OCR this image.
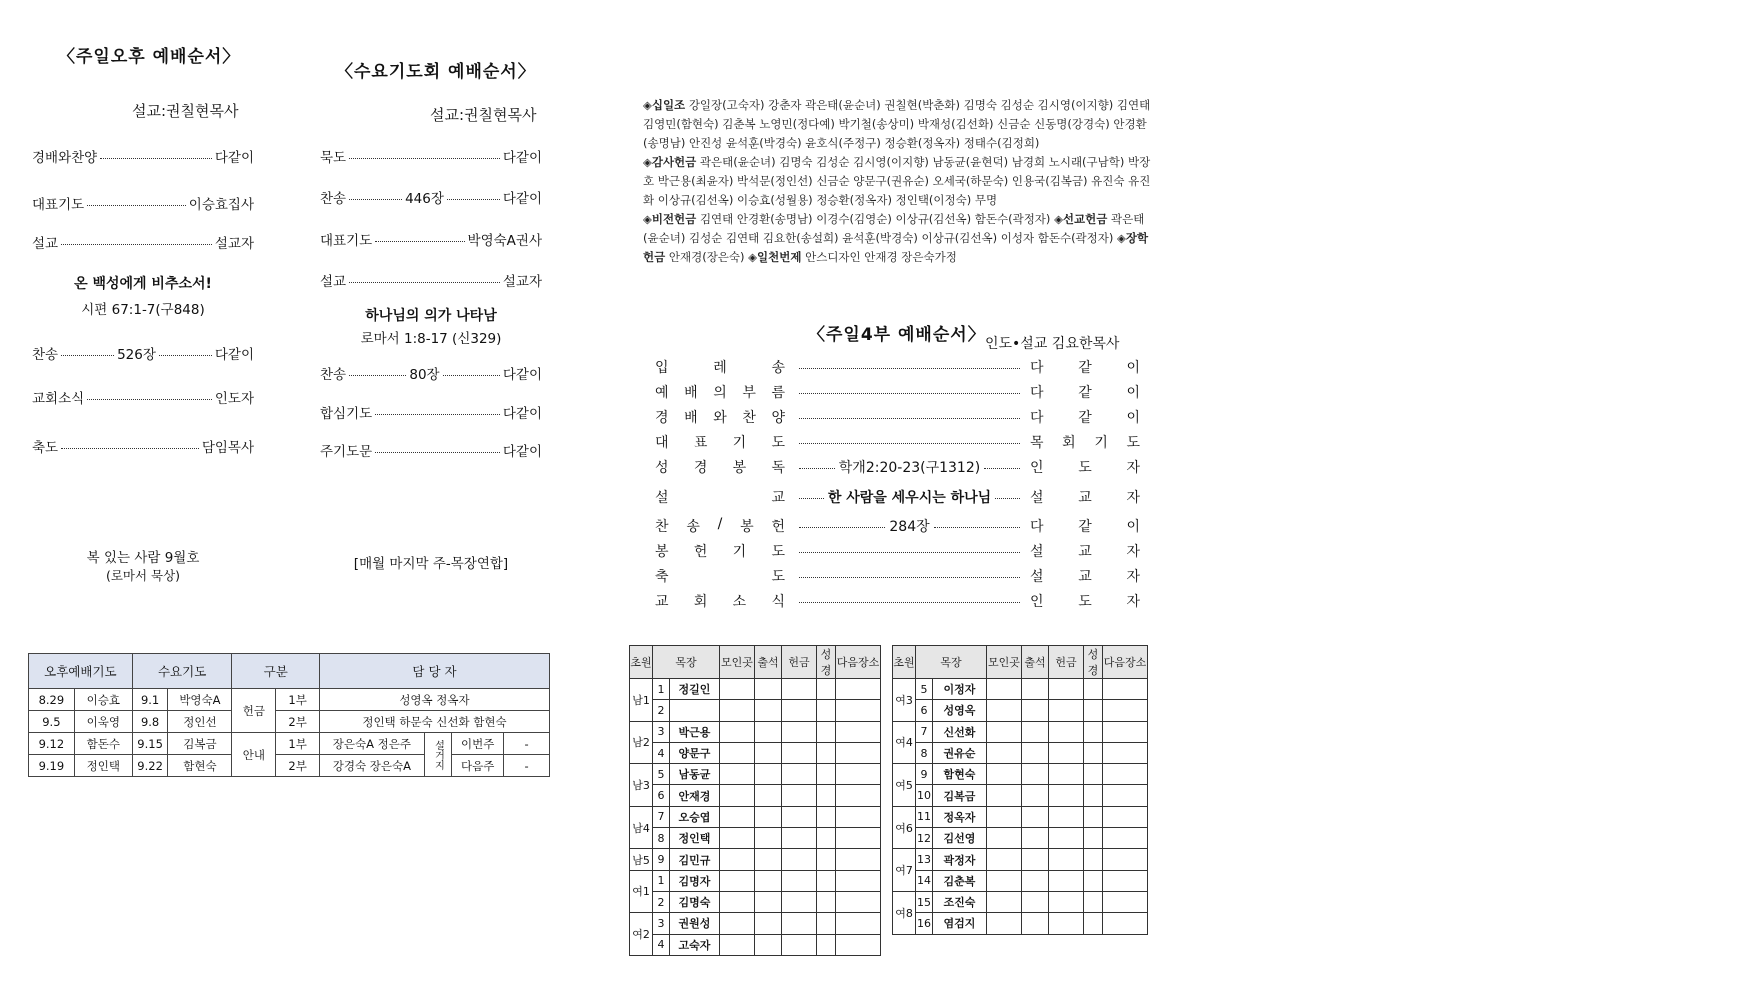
〈주일오후 예배순서〉
설교:권칠현목사
경배와찬양	다같이
대표기도	이승효집사
설교	설교자
온 백성에게 비추소서!
시편 67:1-7(구848)
찬송	526장	다같이
교회소식	인도자
축도	담임목사
복 있는 사람 9월호
(로마서 묵상)
〈수요기도회 예배순서〉
설교:권칠현목사
묵도	다같이
찬송	446장	다같이
대표기도	박영숙A권사
설교	설교자
하나님의 의가 나타남
로마서 1:8-17 (신329)
찬송	80장	다같이
합심기도	다같이
주기도문	다같이
[매월 마지막 주-목장연합]
◈십일조 강일장(고숙자) 강춘자 곽은태(윤순녀) 권칠현(박춘화) 김명숙 김성순 김시영(이지향) 김연태 김영민(함현숙) 김춘복 노영민(정다예) 박기철(송상미) 박재성(김선화) 신금순 신동명(강경숙) 안경환(송명남) 안진성 윤석훈(박경숙) 윤호식(주정구) 정승환(정옥자) 정태수(김정희)
◈감사헌금 곽은태(윤순녀) 김명숙 김성순 김시영(이지향) 남동균(윤현덕) 남경희 노시래(구남학) 박장호 박근용(최윤자) 박석문(정인선) 신금순 양문구(권유순) 오세국(하문숙) 인용국(김복금) 유진숙 유진화 이상규(김선옥) 이승효(성월용) 정승환(정옥자) 정인택(이정숙) 무명
◈비전헌금 김연태 안경환(송명남) 이경수(김영순) 이상규(김선옥) 함돈수(곽정자) ◈선교헌금 곽은태(윤순녀) 김성순 김연태 김요한(송설희) 윤석훈(박경숙) 이상규(김선옥) 이성자 함돈수(곽정자) ◈장학헌금 안재경(장은숙) ◈일천번제 안스디자인 안재경 장은숙가정
〈주일4부 예배순서〉 인도•설교 김요한목사
입	레	송	다 같 이
예 배 의 부 름	다 같 이
경 배 와 찬 양	다 같 이
대 표 기 도	목 회 기 도
성 경 봉 독	학개2:20-23(구1312)	인 도 자
설	교	한 사람을 세우시는 하나님	설 교 자
찬 송 / 봉 헌	284장	다 같 이
봉 헌 기 도	설 교 자
축	도	설 교 자
교 회 소 식	인 도 자
오후예배기도		수요기도		구분		담 당 자			
8.29	이승효	9.1	박영숙A	헌금	1부	성영옥 정옥자			
9.5	이욱영	9.8	정인선		2부	정인택 하문숙 신선화 함현숙			
9.12	함돈수	9.15	김복금	안내	1부	장은숙A 정은주	설거지	이번주	-
9.19	정인택	9.22	함현숙		2부	강경숙 장은숙A		다음주	-
초원	목장		모인곳	출석	헌금	성경	다음장소
남1	1	정길인					
	2						
남2	3	박근용					
	4	양문구					
남3	5	남동균					
	6	안재경					
남4	7	오승엽					
	8	정인택					
남5	9	김민규					
여1	1	김명자					
	2	김명숙					
여2	3	권원성					
	4	고숙자					
초원	목장		모인곳	출석	헌금	성경	다음장소
여3	5	이정자					
	6	성영옥					
여4	7	신선화					
	8	권유순					
여5	9	함현숙					
	10	김복금					
여6	11	정옥자					
	12	김선영					
여7	13	곽정자					
	14	김춘복					
여8	15	조진숙					
	16	염검지					
